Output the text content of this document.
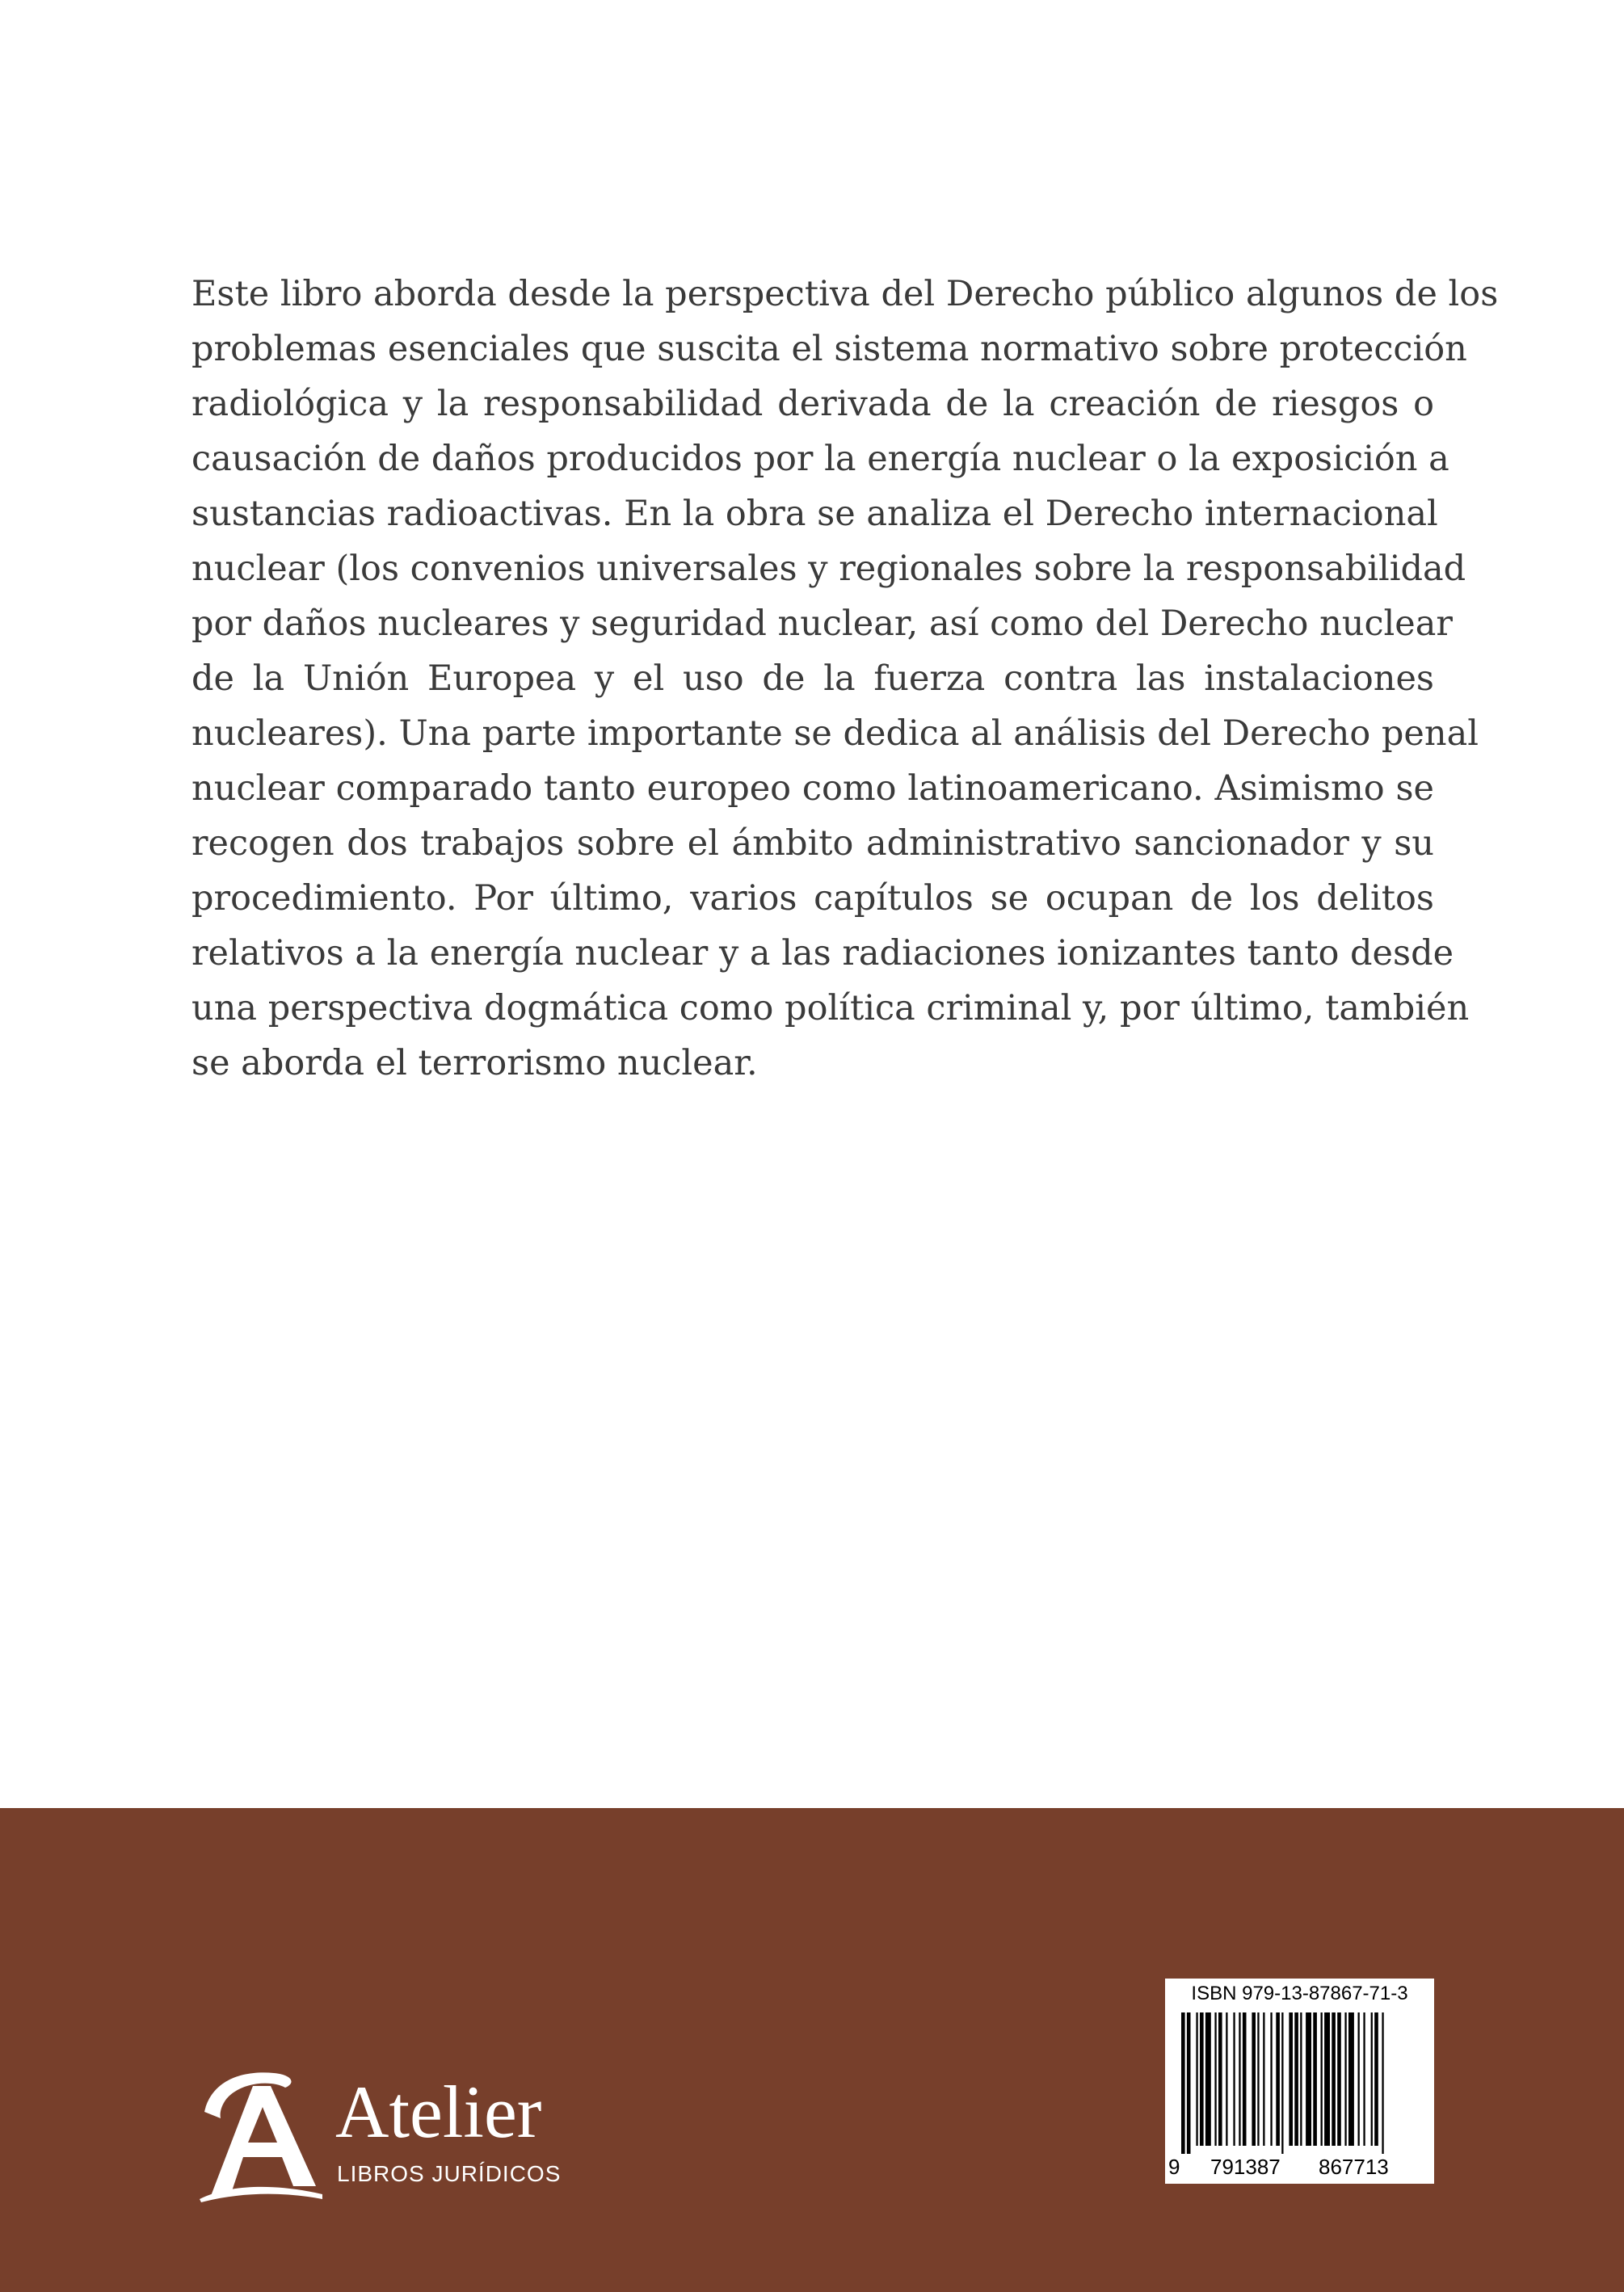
Este libro aborda desde la perspectiva del Derecho público algunos de los
problemas esenciales que suscita el sistema normativo sobre protección
radiológica y la responsabilidad derivada de la creación de riesgos o
causación de daños producidos por la energía nuclear o la exposición a
sustancias radioactivas. En la obra se analiza el Derecho internacional
nuclear (los convenios universales y regionales sobre la responsabilidad
por daños nucleares y seguridad nuclear, así como del Derecho nuclear
de la Unión Europea y el uso de la fuerza contra las instalaciones
nucleares). Una parte importante se dedica al análisis del Derecho penal
nuclear comparado tanto europeo como latinoamericano. Asimismo se
recogen dos trabajos sobre el ámbito administrativo sancionador y su
procedimiento. Por último, varios capítulos se ocupan de los delitos
relativos a la energía nuclear y a las radiaciones ionizantes tanto desde
una perspectiva dogmática como política criminal y, por último, también
se aborda el terrorismo nuclear.
Atelier
LIBROS JURÍDICOS
ISBN 979-13-87867-71-3
9 791387 867713
